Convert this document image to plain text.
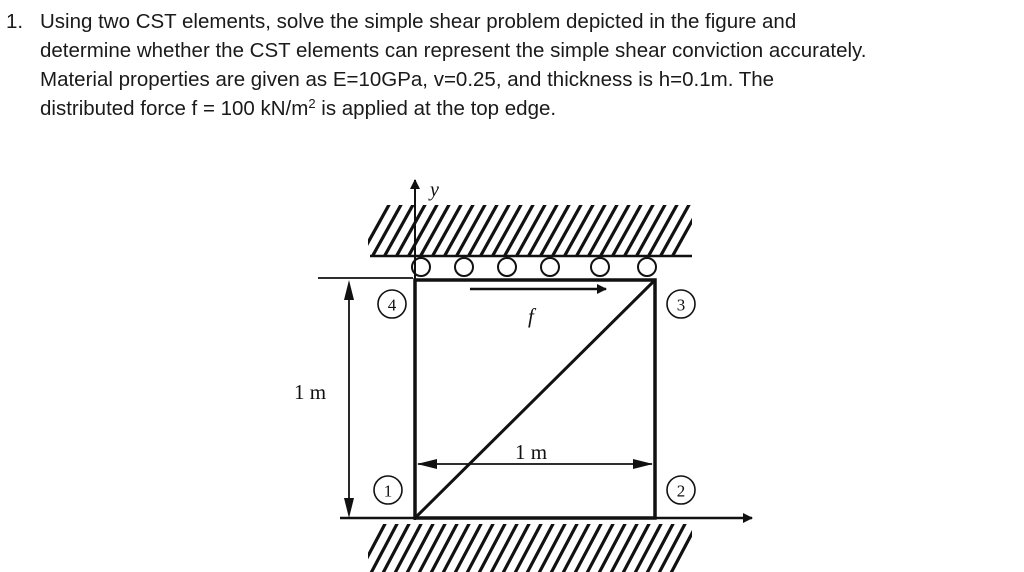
1. Using two CST elements, solve the simple shear problem depicted in the figure and
determine whether the CST elements can represent the simple shear conviction accurately.
Material properties are given as E=10GPa, v=0.25, and thickness is h=0.1m. The
distributed force f = 100 $kN/m^2$ is applied at the top edge.
y
f
1 m
1 m
4	3
1	2
